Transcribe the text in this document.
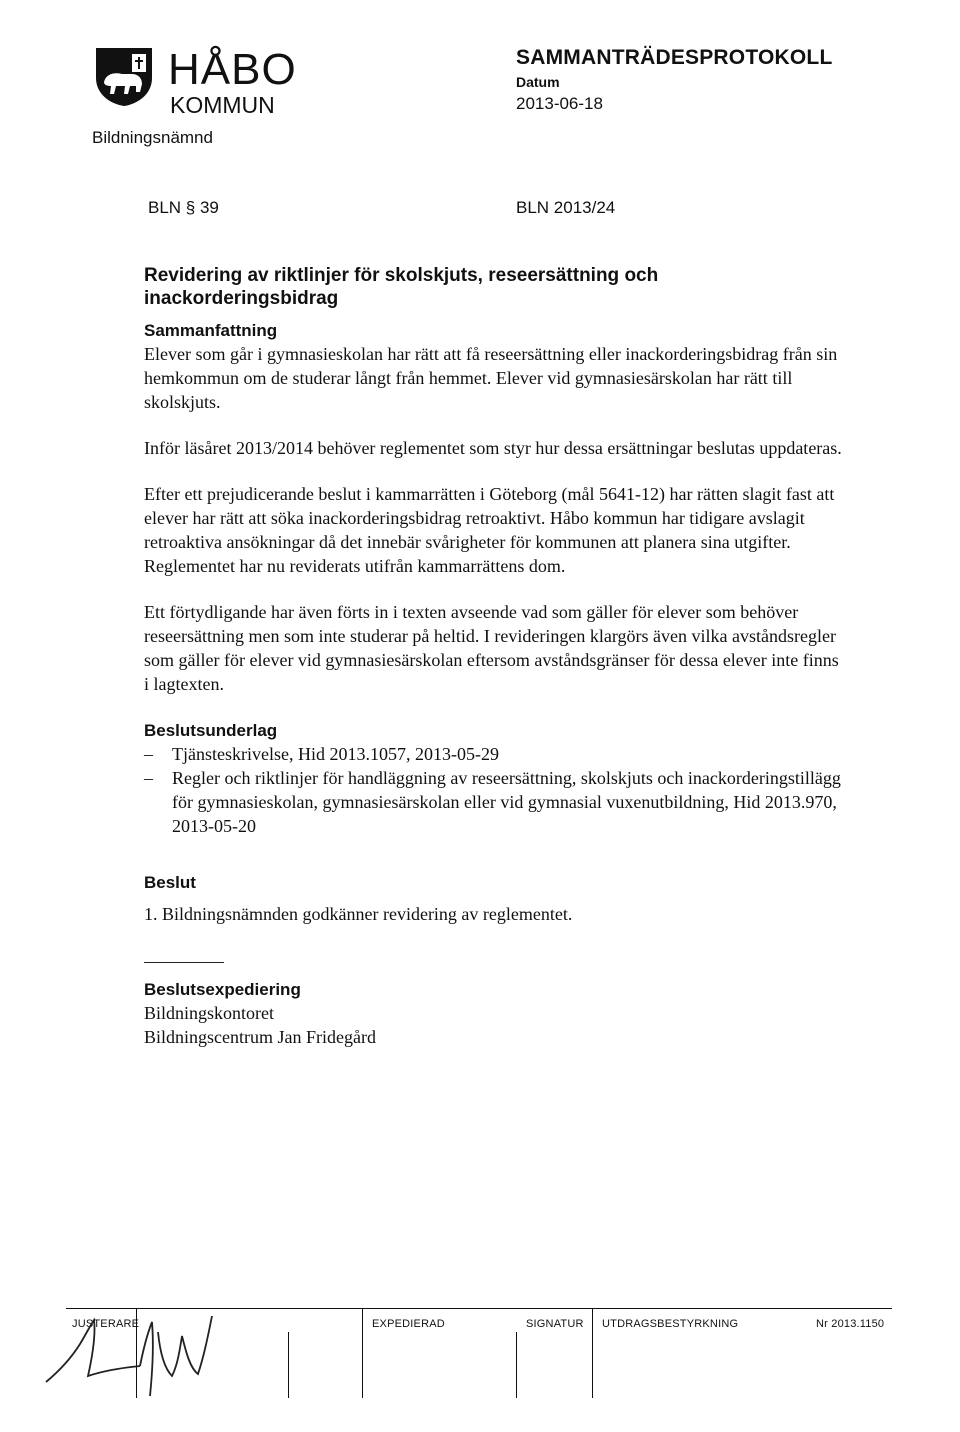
HÅBO
KOMMUN
Bildningsnämnd
SAMMANTRÄDESPROTOKOLL
Datum
2013-06-18
BLN § 39	BLN 2013/24
Revidering av riktlinjer för skolskjuts, reseersättning och
inackorderingsbidrag
Sammanfattning

Elever som går i gymnasieskolan har rätt att få reseersättning eller inackorderingsbidrag från sin hemkommun om de studerar långt från hemmet. Elever vid gymnasiesärskolan har rätt till skolskjuts.

Inför läsåret 2013/2014 behöver reglementet som styr hur dessa ersättningar beslutas uppdateras.

Efter ett prejudicerande beslut i kammarrätten i Göteborg (mål 5641-12) har rätten slagit fast att elever har rätt att söka inackorderingsbidrag retroaktivt. Håbo kommun har tidigare avslagit retroaktiva ansökningar då det innebär svårigheter för kommunen att planera sina utgifter. Reglementet har nu reviderats utifrån kammarrättens dom.

Ett förtydligande har även förts in i texten avseende vad som gäller för elever som behöver reseersättning men som inte studerar på heltid. I revideringen klargörs även vilka avståndsregler som gäller för elever vid gymnasiesärskolan eftersom avståndsgränser för dessa elever inte finns i lagtexten.

Beslutsunderlag
– Tjänsteskrivelse, Hid 2013.1057, 2013-05-29
– Regler och riktlinjer för handläggning av reseersättning, skolskjuts och inackorderingstillägg för gymnasieskolan, gymnasiesärskolan eller vid gymnasial vuxenutbildning, Hid 2013.970, 2013-05-20
Beslut
1. Bildningsnämnden godkänner revidering av reglementet.
Beslutsexpediering

Bildningskontoret

Bildningscentrum Jan Fridegård

JUSTERARE	EXPEDIERAD	SIGNATUR UTDRAGSBESTYRKNING	Nr 2013.1150
